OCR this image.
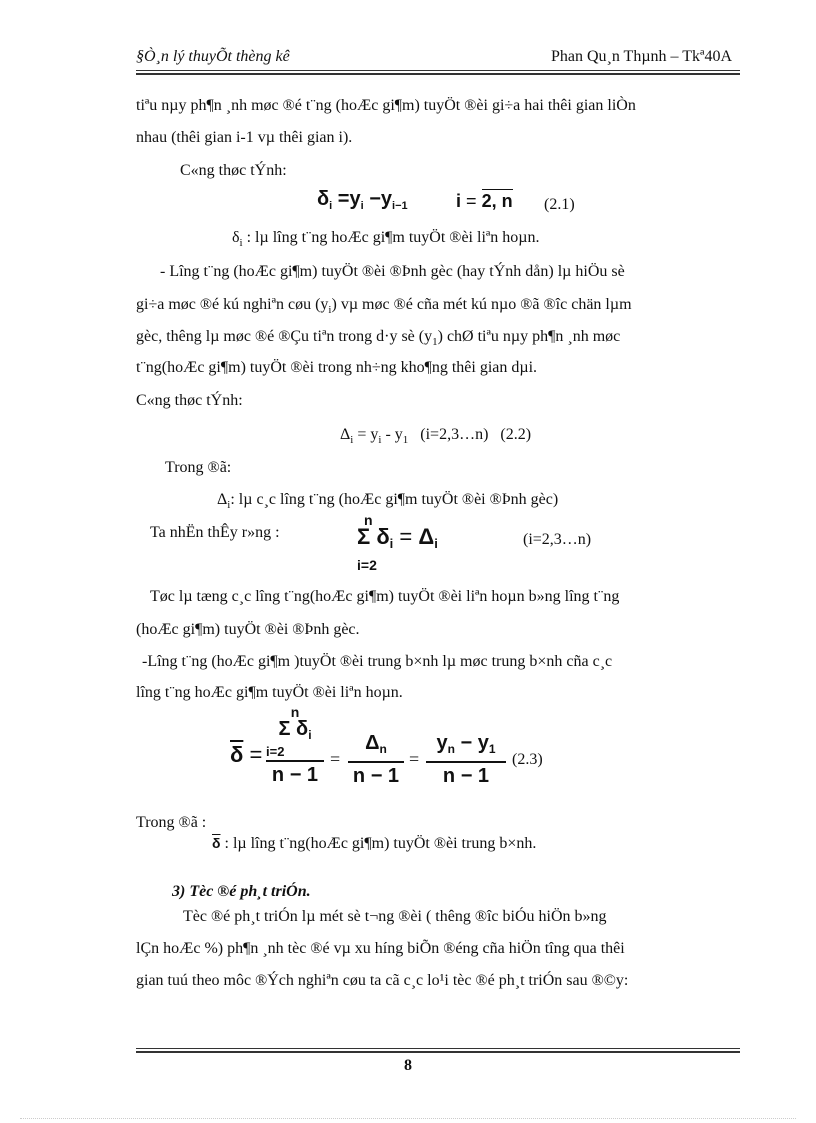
§Ò¸n lý thuyÕt thèng kê	Phan Qu¸n Thµnh – Tkª40A
tiªu nµy ph¶n ¸nh møc ®é t¨ng (hoÆc gi¶m) tuyÖt ®èi gi÷a hai thêi gian liÒn
nhau (thêi gian i-1 vµ thêi gian i).
C«ng thøc tÝnh:
$\delta_i =y_i -y_{i-1}$	i = 2, n (2.1)
$\delta_i$ : lµ lîng t¨ng hoÆc gi¶m tuyÖt ®èi liªn hoµn.
- Lîng t¨ng (hoÆc gi¶m) tuyÖt ®èi ®Þnh gèc (hay tÝnh dån) lµ hiÖu sè
gi÷a møc ®é kú nghiªn cøu $(y_i)$ vµ møc ®é cña mét kú nµo ®ã ®îc chän lµm
gèc, thêng lµ møc ®é ®Çu tiªn trong d·y sè $(y_1)$ chØ tiªu nµy ph¶n ¸nh møc
t¨ng(hoÆc gi¶m) tuyÖt ®èi trong nh÷ng kho¶ng thêi gian dµi.
C«ng thøc tÝnh:
$\Delta_i = y_i - y_1$ (i=2,3…n) (2.2)
Trong ®ã:
$\Delta_i$: lµ c¸c lîng t¨ng (hoÆc gi¶m tuyÖt ®èi ®Þnh gèc)
Ta nhËn thÊy r»ng :
n
Σ $\delta_i = \Delta_i$
i=2
(i=2,3…n)
Tøc lµ tæng c¸c lîng t¨ng(hoÆc gi¶m) tuyÖt ®èi liªn hoµn b»ng lîng t¨ng
(hoÆc gi¶m) tuyÖt ®èi ®Þnh gèc.
-Lîng t¨ng (hoÆc gi¶m )tuyÖt ®èi trung b×nh lµ møc trung b×nh cña c¸c
lîng t¨ng hoÆc gi¶m tuyÖt ®èi liªn hoµn.
$\overline{\delta}$ =
n
Σ $\delta_i$
i=2
n − 1
=
$\Delta_n$
n − 1
=
$y_n - y_1$
n − 1
(2.3)
Trong ®ã :
$\overline{\delta}$ : lµ lîng t¨ng(hoÆc gi¶m) tuyÖt ®èi trung b×nh.
3) Tèc ®é ph¸t triÓn.
Tèc ®é ph¸t triÓn lµ mét sè t¬ng ®èi ( thêng ®îc biÓu hiÖn b»ng
lÇn hoÆc %) ph¶n ¸nh tèc ®é vµ xu híng biÕn ®éng cña hiÖn tîng qua thêi
gian tuú theo môc ®Ých nghiªn cøu ta cã c¸c lo¹i tèc ®é ph¸t triÓn sau ®©y:
8
